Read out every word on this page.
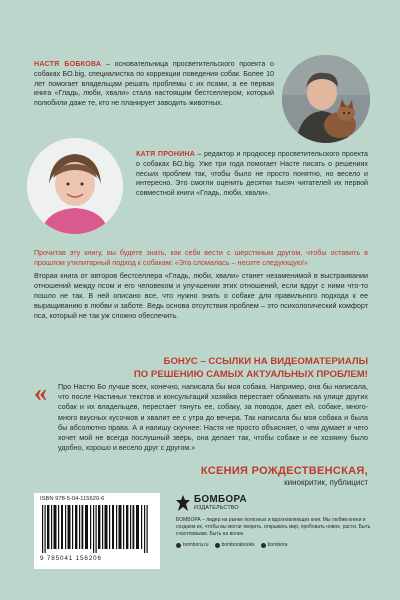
НАСТЯ БОБКОВА – основательница просветительского проекта о собаках БО.big, специалистка по коррекции поведения собак. Более 10 лет помогает владельцам решать проблемы с их псами, а ее первая книга «Гладь, люби, хвали» стала настоящим бестселлером, который полюбили даже те, кто не планирует заводить животных.
КАТЯ ПРОНИНА – редактор и продюсер просветительского проекта о собаках БО.big. Уже три года помогает Насте писать о решениях песьих проблем так, чтобы было не просто понятно, но весело и интересно. Это смогли оценить десятки тысяч читателей их первой совместной книги «Гладь, люби, хвали».

Прочитав эту книгу, вы будете знать, как себя вести с шерстяным другом, чтобы оставить в прошлом утилитарный подход к собакам: «Эта сломалась – несите следующую!»

Вторая книга от авторов бестселлера «Гладь, люби, хвали» станет незаменимой в выстраивании отношений между псом и его человеком и улучшении этих отношений, если вдруг с ними что-то пошло не так. В ней описано все, что нужно знать о собаке для правильного подхода к ее выращиванию в любви и заботе. Ведь основа отсутствия проблем – это психологический комфорт пса, который не так уж сложно обеспечить.

БОНУС – ССЫЛКИ НА ВИДЕОМАТЕРИАЛЫ
ПО РЕШЕНИЮ САМЫХ АКТУАЛЬНЫХ ПРОБЛЕМ!
« Про Настю Бо лучше всех, конечно, написала бы моя собака. Например, она бы написала, что после Настиных текстов и консультаций хозяйка перестает облаивать на улице других собак и их владельцев, перестает тянуть ее, собаку, за поводок, дает ей, собаке, много-много вкусных кусочков и хвалит ее с утра до вечера. Так написала бы моя собака и была бы абсолютно права. А я напишу скучнее: Настя не просто объясняет, о чем думает и чего хочет мой не всегда послушный зверь, она делает так, чтобы собаке и ее хозяину было удобно, хорошо и весело друг с другом.»
КСЕНИЯ РОЖДЕСТВЕНСКАЯ,
кинокритик, публицист
ISBN 978-5-04-115620-6
9 785041 156206
БОМБОРА
ИЗДАТЕЛЬСТВО
БОМБОРА – лидер на рынке полезных и вдохновляющих книг. Мы любим книги и создаем их, чтобы вы могли творить, открывать мир, пробовать новое, расти. Быть счастливыми. Быть на волне.
bombora.ru	bomborabooks	bombora
